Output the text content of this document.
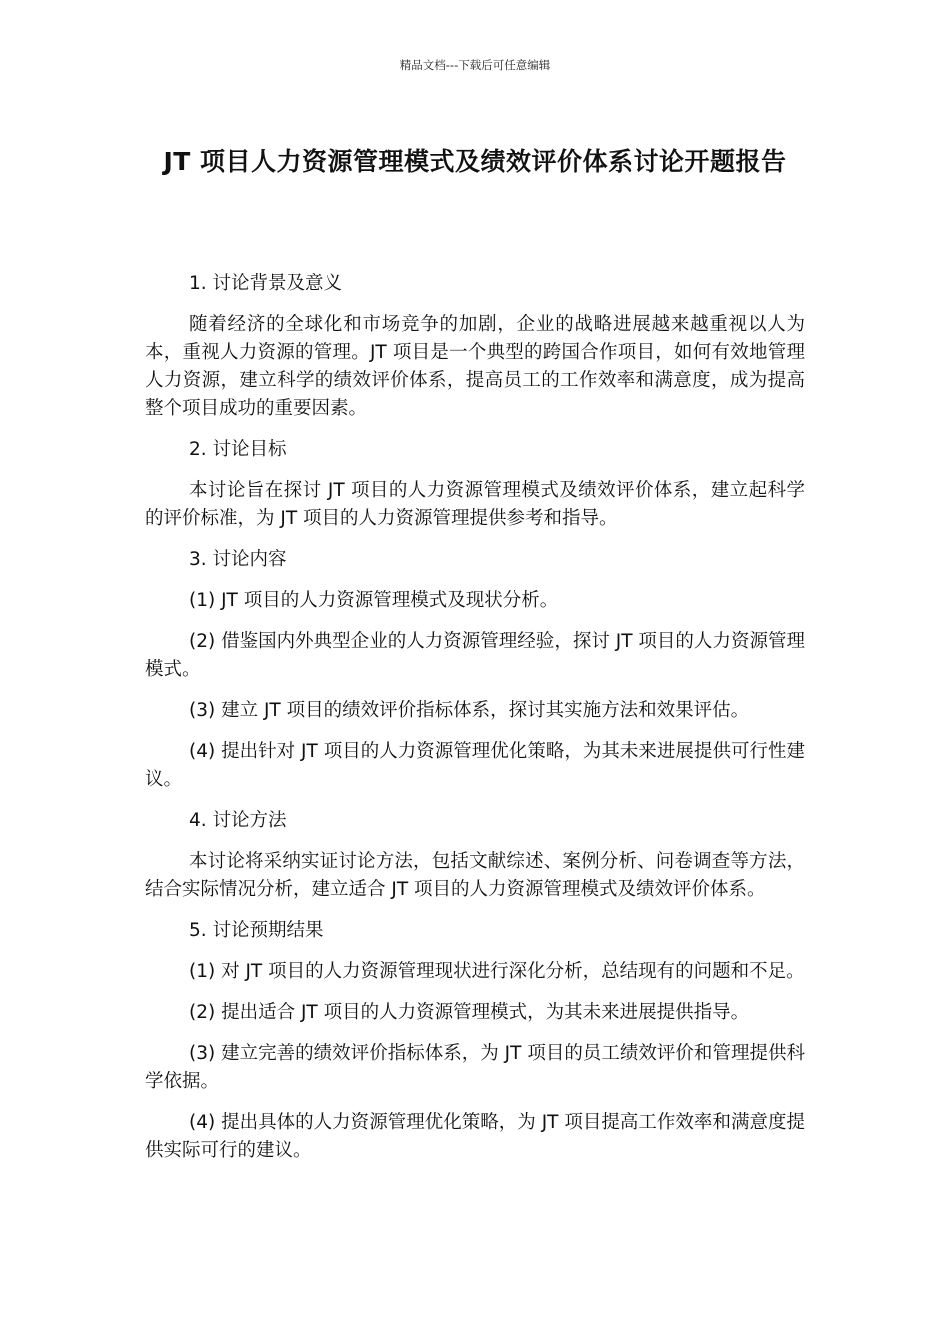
精品文档---下载后可任意编辑

JT 项目人力资源管理模式及绩效评价体系讨论开题报告

1. 讨论背景及意义

随着经济的全球化和市场竞争的加剧，企业的战略进展越来越重视以人为本，重视人力资源的管理。JT 项目是一个典型的跨国合作项目，如何有效地管理人力资源，建立科学的绩效评价体系，提高员工的工作效率和满意度，成为提高整个项目成功的重要因素。

2. 讨论目标

本讨论旨在探讨 JT 项目的人力资源管理模式及绩效评价体系，建立起科学的评价标准，为 JT 项目的人力资源管理提供参考和指导。

3. 讨论内容

(1) JT 项目的人力资源管理模式及现状分析。

(2) 借鉴国内外典型企业的人力资源管理经验，探讨 JT 项目的人力资源管理模式。

(3) 建立 JT 项目的绩效评价指标体系，探讨其实施方法和效果评估。

(4) 提出针对 JT 项目的人力资源管理优化策略，为其未来进展提供可行性建议。

4. 讨论方法

本讨论将采纳实证讨论方法，包括文献综述、案例分析、问卷调查等方法，结合实际情况分析，建立适合 JT 项目的人力资源管理模式及绩效评价体系。

5. 讨论预期结果

(1) 对 JT 项目的人力资源管理现状进行深化分析，总结现有的问题和不足。

(2) 提出适合 JT 项目的人力资源管理模式，为其未来进展提供指导。

(3) 建立完善的绩效评价指标体系，为 JT 项目的员工绩效评价和管理提供科学依据。

(4) 提出具体的人力资源管理优化策略，为 JT 项目提高工作效率和满意度提供实际可行的建议。
